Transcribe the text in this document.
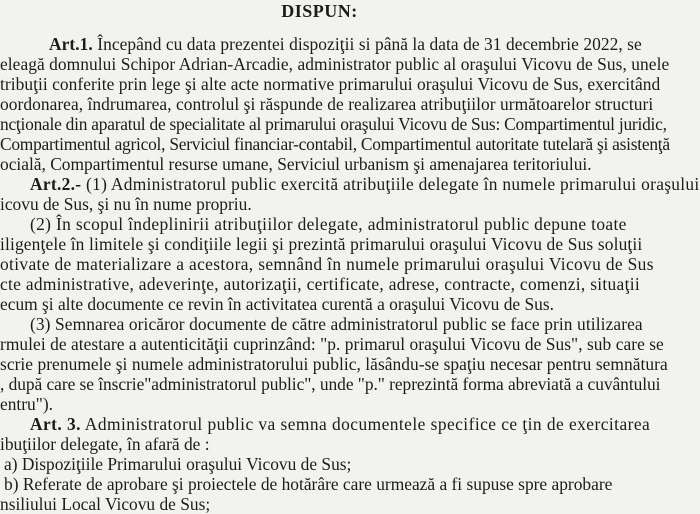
DISPUN:
Art.1. Începând cu data prezentei dispoziţii si până la data de 31 decembrie 2022, se
eleagă domnului Schipor Adrian-Arcadie, administrator public al oraşului Vicovu de Sus, unele
tribuţii conferite prin lege şi alte acte normative primarului oraşului Vicovu de Sus, exercitând
oordonarea, îndrumarea, controlul şi răspunde de realizarea atribuţiilor următoarelor structuri
ncţionale din aparatul de specialitate al primarului oraşului Vicovu de Sus: Compartimentul juridic,
Compartimentul agricol, Serviciul financiar-contabil, Compartimentul autoritate tutelară şi asistenţă
ocială, Compartimentul resurse umane, Serviciul urbanism şi amenajarea teritoriului.
Art.2.- (1) Administratorul public exercită atribuţiile delegate în numele primarului oraşului
icovu de Sus, şi nu în nume propriu.
(2) În scopul îndeplinirii atribuţiilor delegate, administratorul public depune toate
iligenţele în limitele şi condiţiile legii şi prezintă primarului oraşului Vicovu de Sus soluţii
otivate de materializare a acestora, semnând în numele primarului oraşului Vicovu de Sus
cte administrative, adeverinţe, autorizaţii, certificate, adrese, contracte, comenzi, situaţii
ecum şi alte documente ce revin în activitatea curentă a oraşului Vicovu de Sus.
(3) Semnarea oricăror documente de către administratorul public se face prin utilizarea
rmulei de atestare a autenticităţii cuprinzând: "p. primarul oraşului Vicovu de Sus", sub care se
scrie prenumele şi numele administratorului public, lăsându-se spaţiu necesar pentru semnătura
, după care se înscrie"administratorul public", unde "p." reprezintă forma abreviată a cuvântului
entru").
Art. 3. Administratorul public va semna documentele specifice ce ţin de exercitarea
ibuţiilor delegate, în afară de :
a) Dispoziţiile Primarului oraşului Vicovu de Sus;
b) Referate de aprobare şi proiectele de hotărâre care urmează a fi supuse spre aprobare
nsiliului Local Vicovu de Sus;
